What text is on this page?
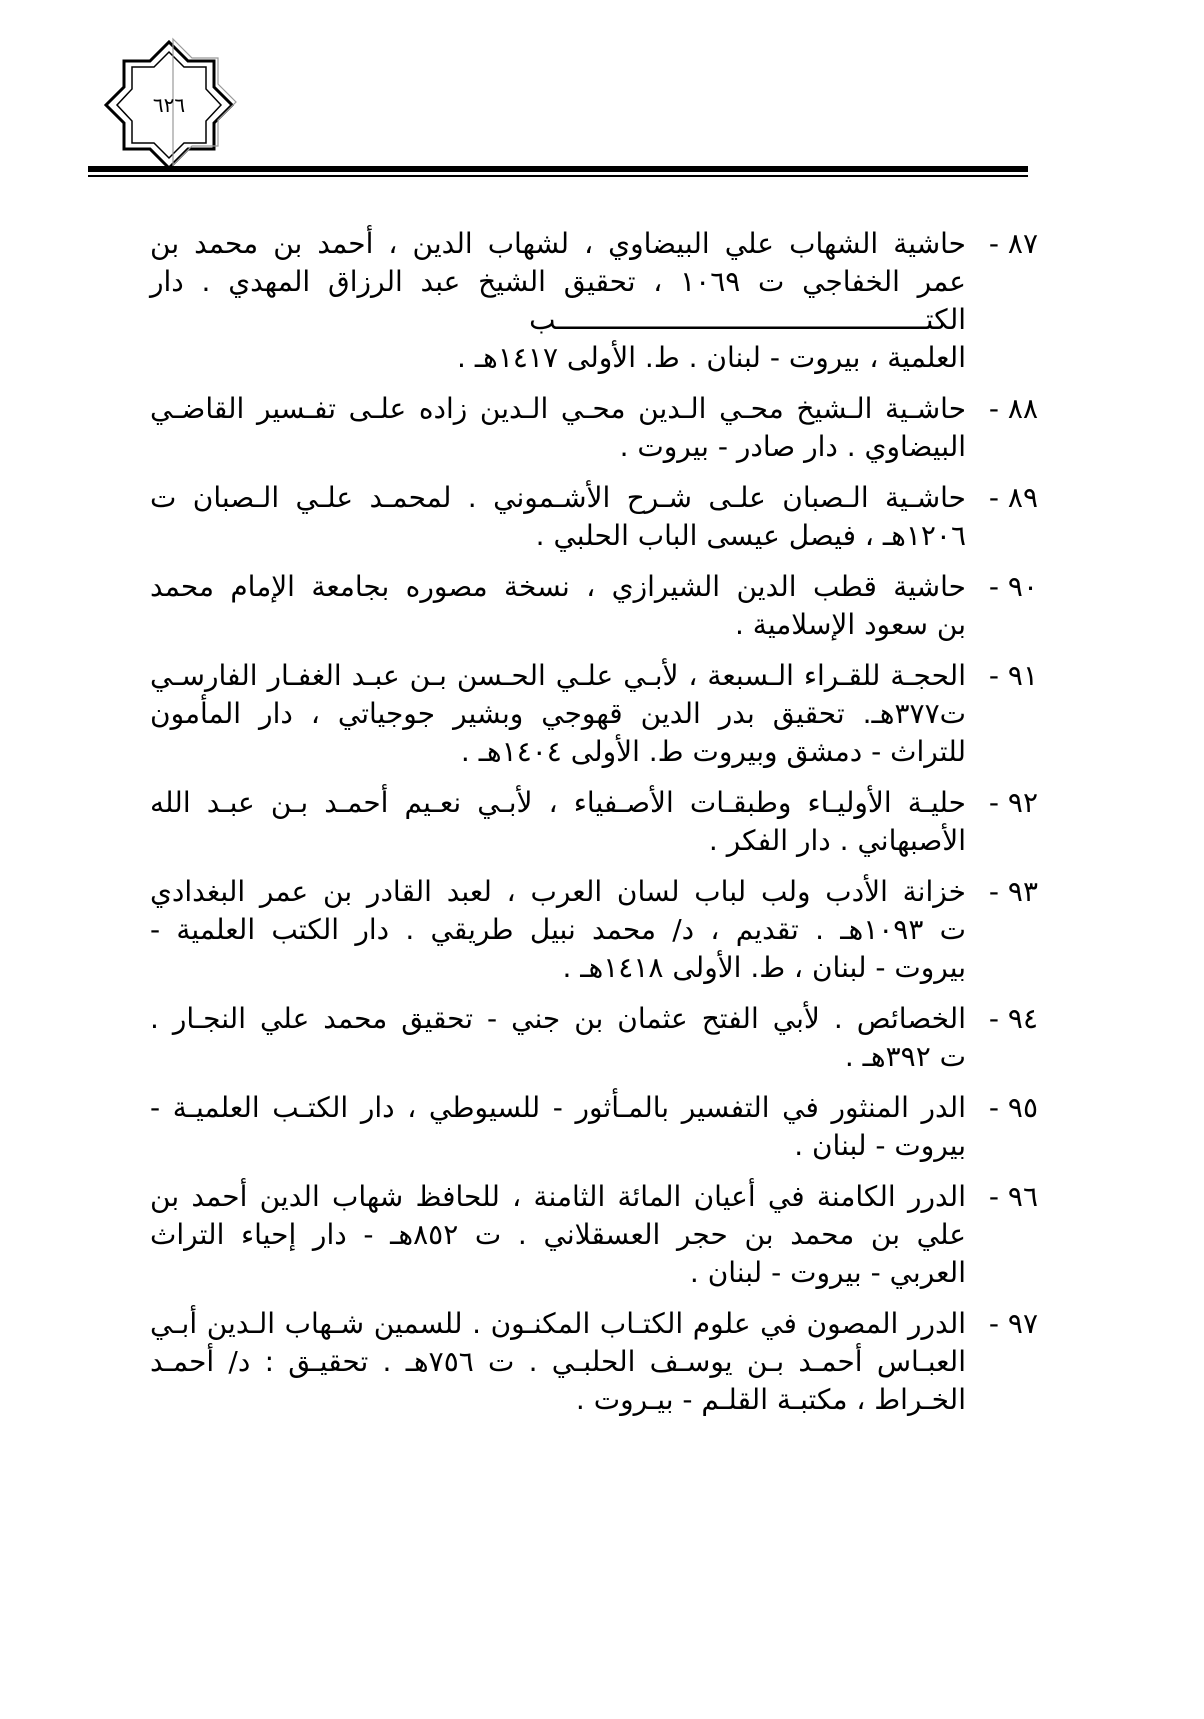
٦٢٦
٨٧ -
حاشية الشهاب علي البيضاوي ، لشهاب الدين ، أحمد بن محمد بن
عمر الخفاجي ت ١٠٦٩ ، تحقيق الشيخ عبد الرزاق المهدي . دار
الكتـــــــــــــــــــــــــــــــــــــــــــــب
العلمية ، بيروت - لبنان . ط. الأولى ١٤١٧هـ .
٨٨ -
حاشـية الـشيخ محـي الـدين محـي الـدين زاده علـى تفـسير القاضـي
البيضاوي . دار صادر - بيروت .
٨٩ -
حاشـية الـصبان علـى شـرح الأشـموني . لمحمـد علـي الـصبان ت
١٢٠٦هـ ، فيصل عيسى الباب الحلبي .
٩٠ -
حاشية قطب الدين الشيرازي ، نسخة مصوره بجامعة الإمام محمد
بن سعود الإسلامية .
٩١ -
الحجـة للقـراء الـسبعة ، لأبـي علـي الحـسن بـن عبـد الغفـار الفارسـي
ت٣٧٧هـ. تحقيق بدر الدين قهوجي وبشير جوجياتي ، دار المأمون
للتراث - دمشق وبيروت ط. الأولى ١٤٠٤هـ .
٩٢ -
حليـة الأوليـاء وطبقـات الأصـفياء ، لأبـي نعـيم أحمـد بـن عبـد الله
الأصبهاني . دار الفكر .
٩٣ -
خزانة الأدب ولب لباب لسان العرب ، لعبد القادر بن عمر البغدادي
ت ١٠٩٣هـ . تقديم ، د/ محمد نبيل طريقي . دار الكتب العلمية -
بيروت - لبنان ، ط. الأولى ١٤١٨هـ .
٩٤ -
الخصائص . لأبي الفتح عثمان بن جني - تحقيق محمد علي النجـار .
ت ٣٩٢هـ .
٩٥ -
الدر المنثور في التفسير بالمـأثور - للسيوطي ، دار الكتـب العلميـة -
بيروت - لبنان .
٩٦ -
الدرر الكامنة في أعيان المائة الثامنة ، للحافظ شهاب الدين أحمد بن
علي بن محمد بن حجر العسقلاني . ت ٨٥٢هـ - دار إحياء التراث
العربي - بيروت - لبنان .
٩٧ -
الدرر المصون في علوم الكتـاب المكنـون . للسمين شـهاب الـدين أبـي
العبـاس أحمـد بـن يوسـف الحلبـي . ت ٧٥٦هـ . تحقيـق : د/ أحمـد
الخـراط ، مكتبـة القلـم - بيـروت .
